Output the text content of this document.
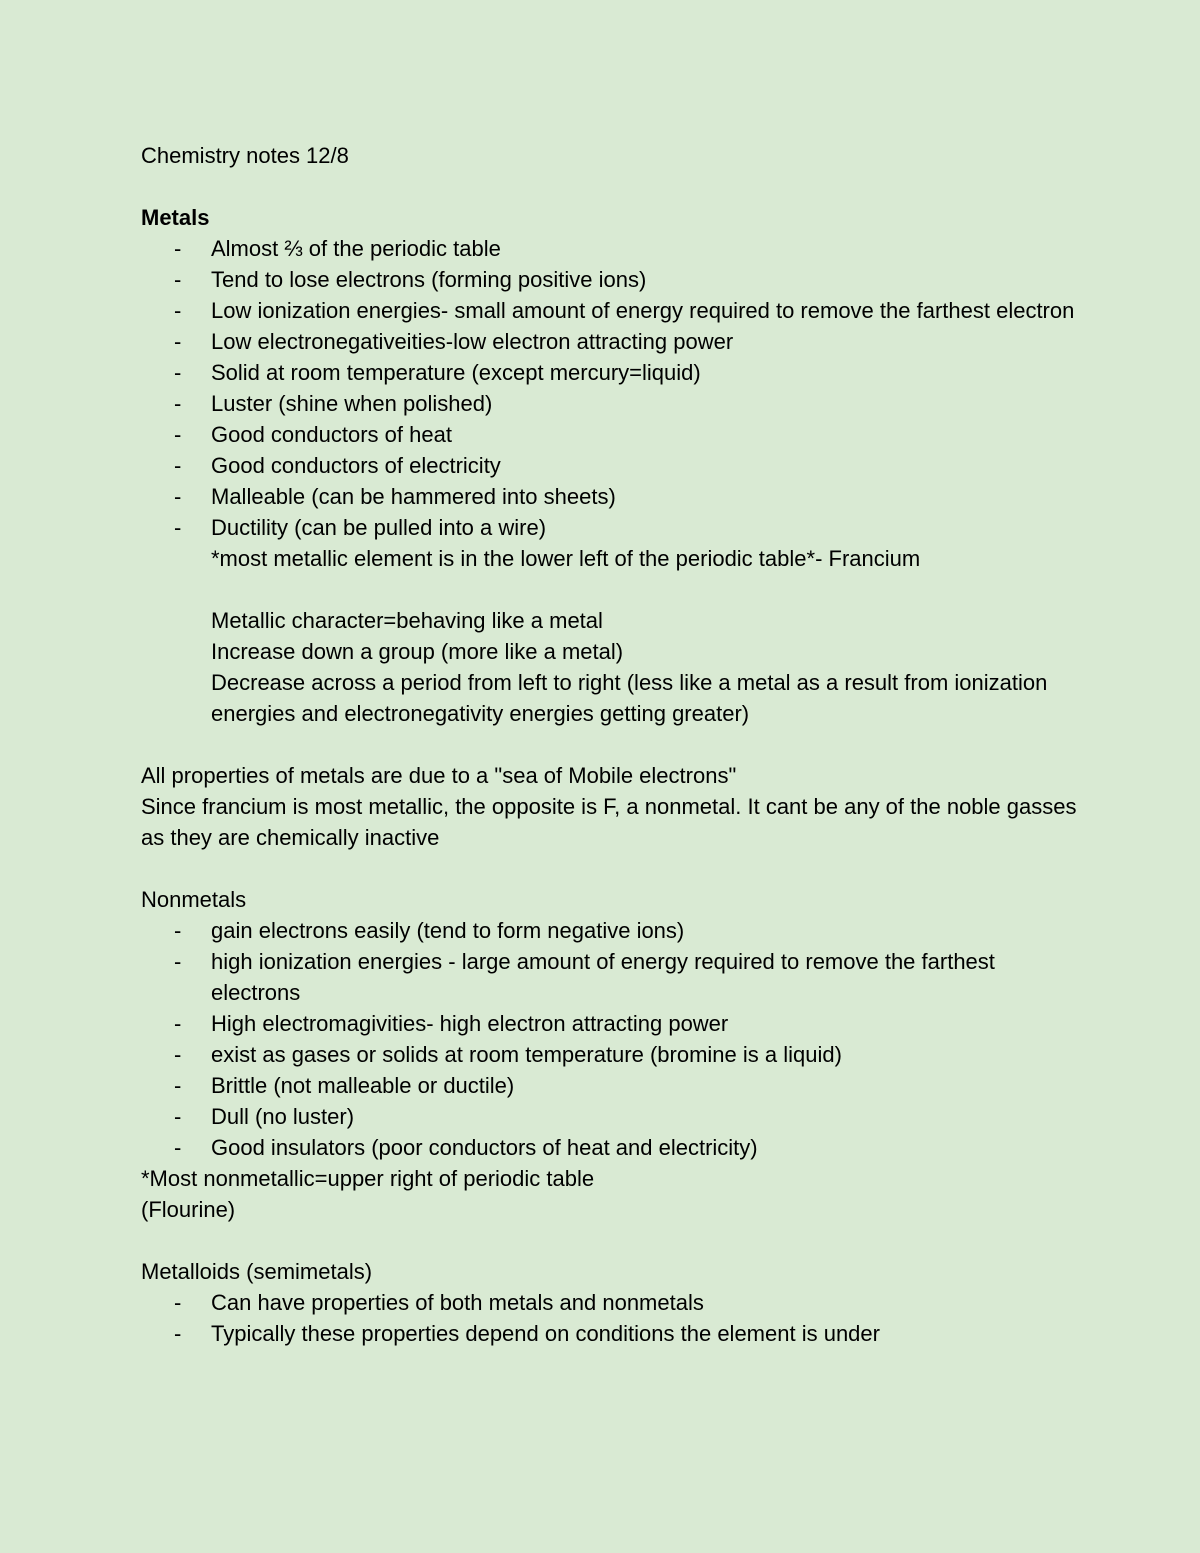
Chemistry notes 12/8
Metals
- Almost ⅔ of the periodic table
- Tend to lose electrons (forming positive ions)
- Low ionization energies- small amount of energy required to remove the farthest electron
- Low electronegativeities-low electron attracting power
- Solid at room temperature (except mercury=liquid)
- Luster (shine when polished)
- Good conductors of heat
- Good conductors of electricity
- Malleable (can be hammered into sheets)
- Ductility (can be pulled into a wire)
*most metallic element is in the lower left of the periodic table*- Francium
Metallic character=behaving like a metal
Increase down a group (more like a metal)
Decrease across a period from left to right (less like a metal as a result from ionization energies and electronegativity energies getting greater)
All properties of metals are due to a "sea of Mobile electrons"
Since francium is most metallic, the opposite is F, a nonmetal. It cant be any of the noble gasses as they are chemically inactive
Nonmetals
- gain electrons easily (tend to form negative ions)
- high ionization energies - large amount of energy required to remove the farthest electrons
- High electromagivities- high electron attracting power
- exist as gases or solids at room temperature (bromine is a liquid)
- Brittle (not malleable or ductile)
- Dull (no luster)
- Good insulators (poor conductors of heat and electricity)
*Most nonmetallic=upper right of periodic table
(Flourine)
Metalloids (semimetals)
- Can have properties of both metals and nonmetals
- Typically these properties depend on conditions the element is under
